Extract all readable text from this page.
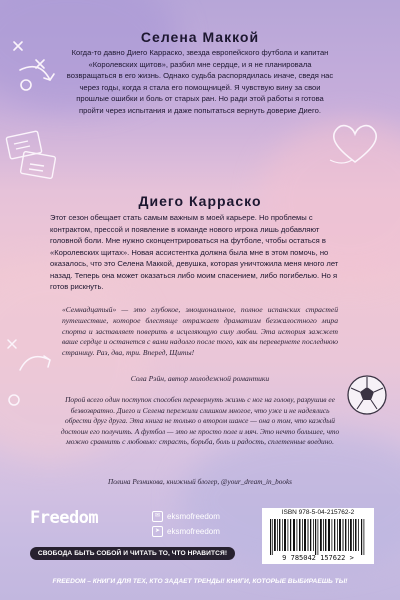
Селена Маккой

Когда-то давно Диего Карраско, звезда европейского футбола и капитан «Королевских щитов», разбил мне сердце, и я не планировала возвращаться в его жизнь. Однако судьба распорядилась иначе, сведя нас через годы, когда я стала его помощницей. Я чувствую вину за свои прошлые ошибки и боль от старых ран. Но ради этой работы я готова пройти через испытания и даже попытаться вернуть доверие Диего.

Диего Карраско

Этот сезон обещает стать самым важным в моей карьере. Но проблемы с контрактом, прессой и появление в команде нового игрока лишь добавляют головной боли. Мне нужно сконцентрироваться на футболе, чтобы остаться в «Королевских щитах». Новая ассистентка должна была мне в этом помочь, но оказалось, что это Селена Маккой, девушка, которая уничтожила меня много лет назад. Теперь она может оказаться либо моим спасением, либо погибелью. Но я готов рискнуть.

«Семнадцатый» — это глубокое, эмоциональное, полное испанских страстей путешествие, которое блестяще отражает драматизм безжалостного мира спорта и заставляет поверить в исцеляющую силу любви. Эта история зажжет ваше сердце и останется с вами надолго после того, как вы перевернете последнюю страницу. Раз, два, три. Вперед, Щиты!

Сола Рэйн, автор молодежной романтики

Порой всего один поступок способен перевернуть жизнь с ног на голову, разрушив ее безвозвратно. Диего и Селена пережили слишком многое, что уже и не надеялись обрести друг друга. Эта книга не только о втором шансе — она о том, что каждый достоин его получить. А футбол — это не просто поле и мяч. Это нечто большее, что можно сравнить с любовью: страсть, борьба, боль и радость, сплетенные воедино.

Полина Резникова, книжный блогер, @your_dream_in_books

Freedom	✉ eksmofreedom
➤ eksmofreedom
СВОБОДА БЫТЬ СОБОЙ И ЧИТАТЬ ТО, ЧТО НРАВИТСЯ!
ISBN 978-5-04-215762-2
9 785042 157622 >

FREEDOM – КНИГИ ДЛЯ ТЕХ, КТО ЗАДАЕТ ТРЕНДЫ! КНИГИ, КОТОРЫЕ ВЫБИРАЕШЬ ТЫ!
